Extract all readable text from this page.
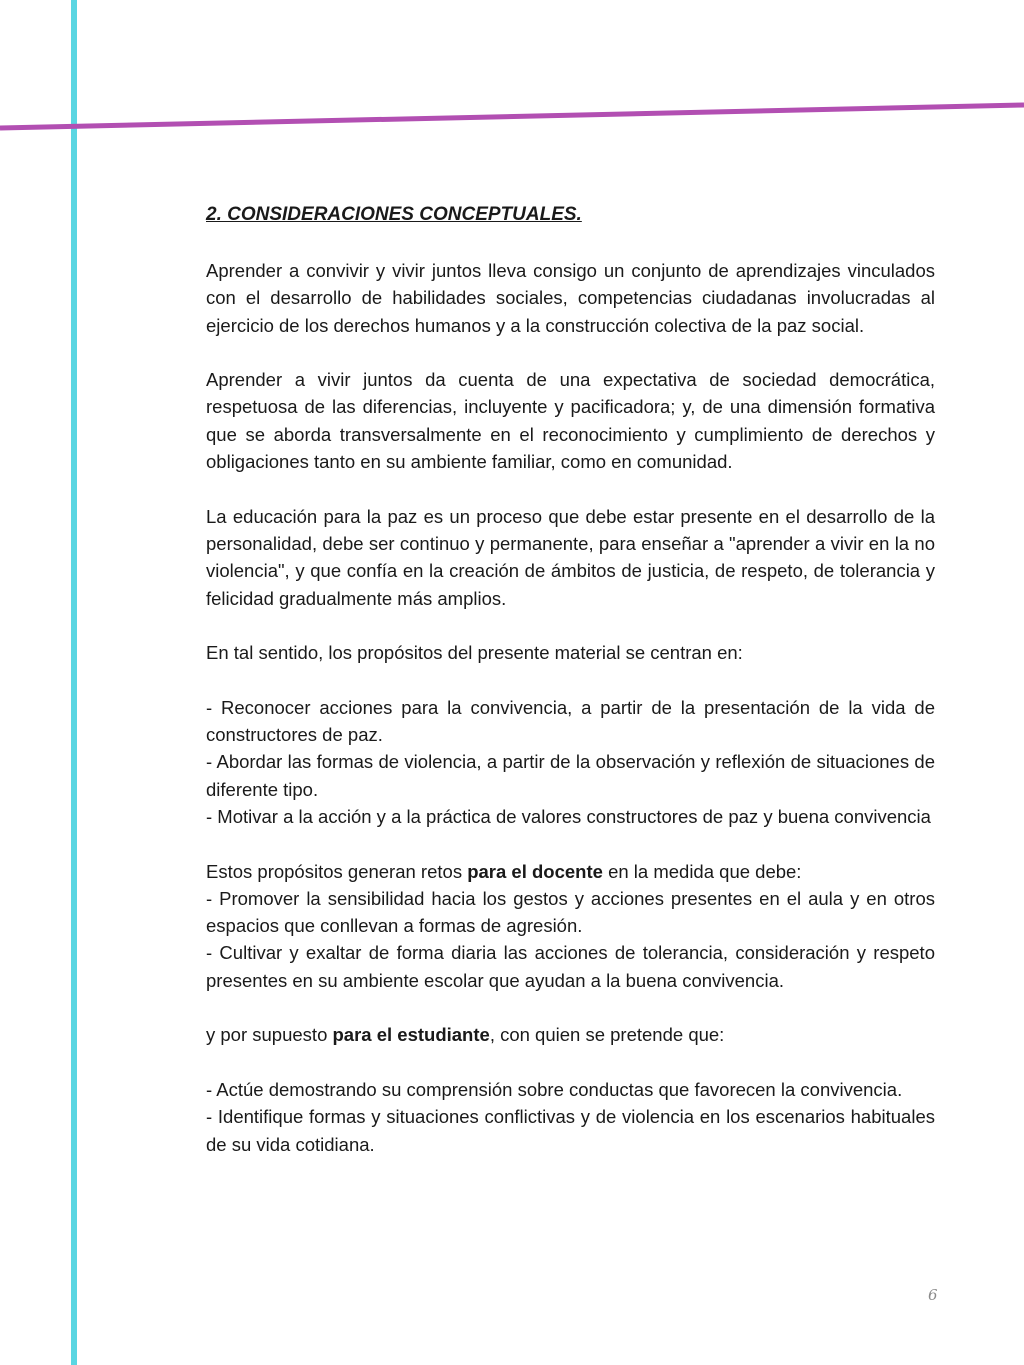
2. CONSIDERACIONES CONCEPTUALES.

Aprender a convivir y vivir juntos lleva consigo un conjunto de aprendizajes vinculados con el desarrollo de habilidades sociales, competencias ciudadanas involucradas al ejercicio de los derechos humanos y a la construcción colectiva de la paz social.

Aprender a vivir juntos da cuenta de una expectativa de sociedad democrática, respetuosa de las diferencias, incluyente y pacificadora; y, de una dimensión formativa que se aborda transversalmente en el reconocimiento y cumplimiento de derechos y obligaciones tanto en su ambiente familiar, como en comunidad.

La educación para la paz es un proceso que debe estar presente en el desarrollo de la personalidad, debe ser continuo y permanente, para enseñar a "aprender a vivir en la no violencia", y que confía en la creación de ámbitos de justicia, de respeto, de tolerancia y felicidad gradualmente más amplios.

En tal sentido, los propósitos del presente material se centran en:

- Reconocer acciones para la convivencia, a partir de la presentación de la vida de constructores de paz.

- Abordar las formas de violencia, a partir de la observación y reflexión de situaciones de diferente tipo.

- Motivar a la acción y a la práctica de valores constructores de paz y buena convivencia

Estos propósitos generan retos para el docente en la medida que debe:

- Promover la sensibilidad hacia los gestos y acciones presentes en el aula y en otros espacios que conllevan a formas de agresión.

- Cultivar y exaltar de forma diaria las acciones de tolerancia, consideración y respeto presentes en su ambiente escolar que ayudan a la buena convivencia.

y por supuesto para el estudiante, con quien se pretende que:

- Actúe demostrando su comprensión sobre conductas que favorecen la convivencia.

- Identifique formas y situaciones conflictivas y de violencia en los escenarios habituales de su vida cotidiana.

6
